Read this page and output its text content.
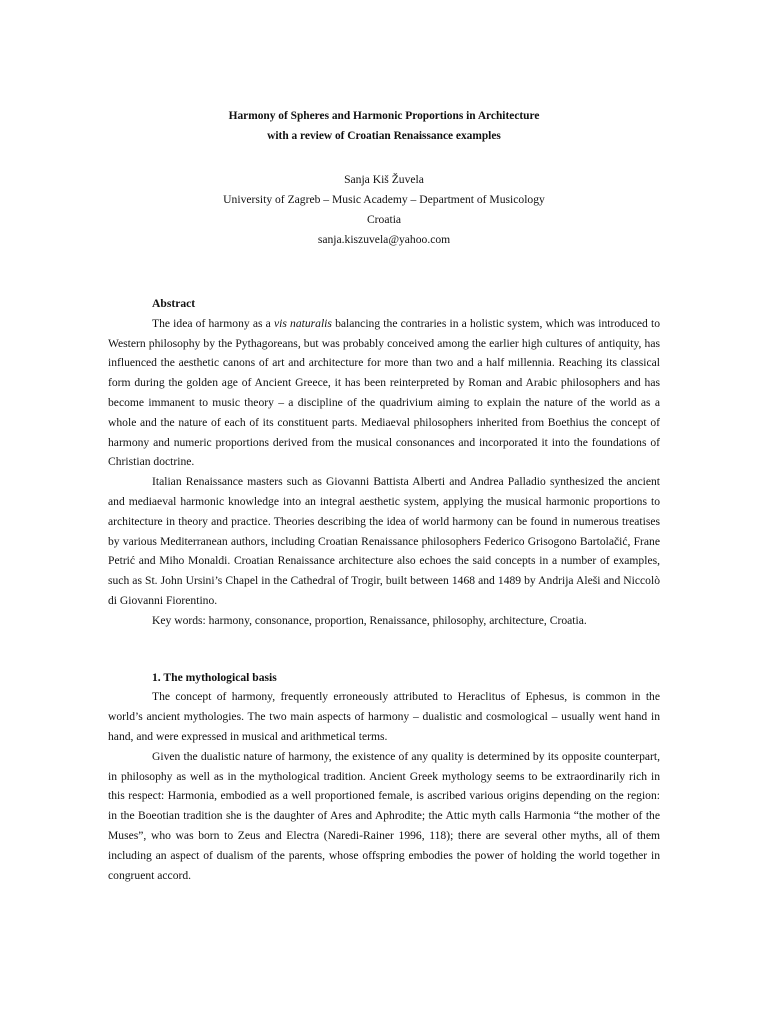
Harmony of Spheres and Harmonic Proportions in Architecture
with a review of Croatian Renaissance examples
Sanja Kiš Žuvela
University of Zagreb – Music Academy – Department of Musicology
Croatia
sanja.kiszuvela@yahoo.com
Abstract

The idea of harmony as a vis naturalis balancing the contraries in a holistic system, which was introduced to Western philosophy by the Pythagoreans, but was probably conceived among the earlier high cultures of antiquity, has influenced the aesthetic canons of art and architecture for more than two and a half millennia. Reaching its classical form during the golden age of Ancient Greece, it has been reinterpreted by Roman and Arabic philosophers and has become immanent to music theory – a discipline of the quadrivium aiming to explain the nature of the world as a whole and the nature of each of its constituent parts. Mediaeval philosophers inherited from Boethius the concept of harmony and numeric proportions derived from the musical consonances and incorporated it into the foundations of Christian doctrine.

Italian Renaissance masters such as Giovanni Battista Alberti and Andrea Palladio synthesized the ancient and mediaeval harmonic knowledge into an integral aesthetic system, applying the musical harmonic proportions to architecture in theory and practice. Theories describing the idea of world harmony can be found in numerous treatises by various Mediterranean authors, including Croatian Renaissance philosophers Federico Grisogono Bartolačić, Frane Petrić and Miho Monaldi. Croatian Renaissance architecture also echoes the said concepts in a number of examples, such as St. John Ursini’s Chapel in the Cathedral of Trogir, built between 1468 and 1489 by Andrija Aleši and Niccolò di Giovanni Fiorentino.

Key words: harmony, consonance, proportion, Renaissance, philosophy, architecture, Croatia.
1. The mythological basis

The concept of harmony, frequently erroneously attributed to Heraclitus of Ephesus, is common in the world’s ancient mythologies. The two main aspects of harmony – dualistic and cosmological – usually went hand in hand, and were expressed in musical and arithmetical terms.

Given the dualistic nature of harmony, the existence of any quality is determined by its opposite counterpart, in philosophy as well as in the mythological tradition. Ancient Greek mythology seems to be extraordinarily rich in this respect: Harmonia, embodied as a well proportioned female, is ascribed various origins depending on the region: in the Boeotian tradition she is the daughter of Ares and Aphrodite; the Attic myth calls Harmonia “the mother of the Muses”, who was born to Zeus and Electra (Naredi-Rainer 1996, 118); there are several other myths, all of them including an aspect of dualism of the parents, whose offspring embodies the power of holding the world together in congruent accord.
